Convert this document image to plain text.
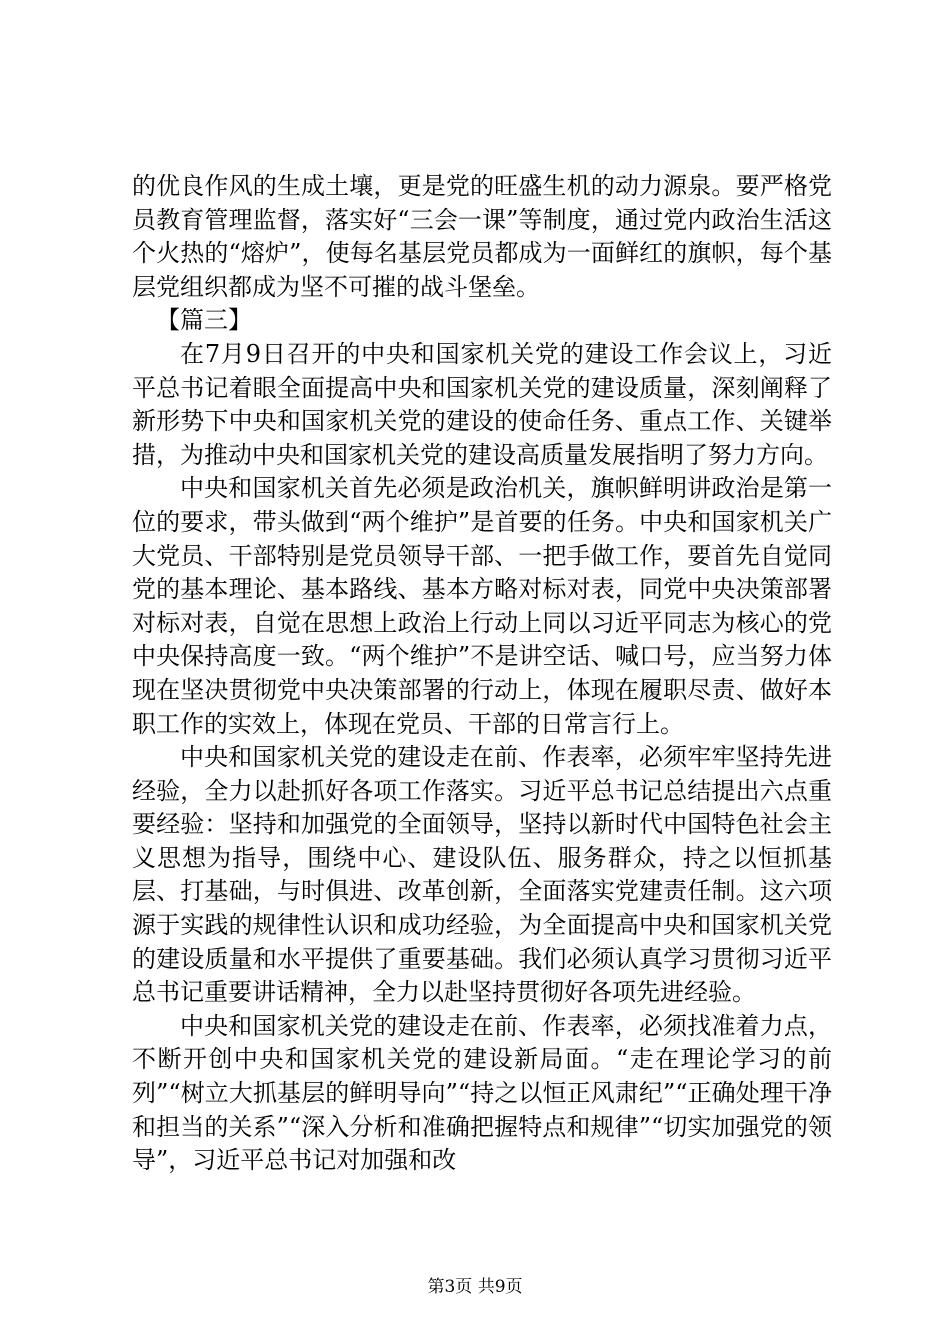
的优良作风的生成土壤，更是党的旺盛生机的动力源泉。要严格党员教育管理监督，落实好“三会一课”等制度，通过党内政治生活这个火热的“熔炉”，使每名基层党员都成为一面鲜红的旗帜，每个基层党组织都成为坚不可摧的战斗堡垒。

【篇三】

在7月9日召开的中央和国家机关党的建设工作会议上，习近平总书记着眼全面提高中央和国家机关党的建设质量，深刻阐释了新形势下中央和国家机关党的建设的使命任务、重点工作、关键举措，为推动中央和国家机关党的建设高质量发展指明了努力方向。

中央和国家机关首先必须是政治机关，旗帜鲜明讲政治是第一位的要求，带头做到“两个维护”是首要的任务。中央和国家机关广大党员、干部特别是党员领导干部、一把手做工作，要首先自觉同党的基本理论、基本路线、基本方略对标对表，同党中央决策部署对标对表，自觉在思想上政治上行动上同以习近平同志为核心的党中央保持高度一致。“两个维护”不是讲空话、喊口号，应当努力体现在坚决贯彻党中央决策部署的行动上，体现在履职尽责、做好本职工作的实效上，体现在党员、干部的日常言行上。

中央和国家机关党的建设走在前、作表率，必须牢牢坚持先进经验，全力以赴抓好各项工作落实。习近平总书记总结提出六点重要经验：坚持和加强党的全面领导，坚持以新时代中国特色社会主义思想为指导，围绕中心、建设队伍、服务群众，持之以恒抓基层、打基础，与时俱进、改革创新，全面落实党建责任制。这六项源于实践的规律性认识和成功经验，为全面提高中央和国家机关党的建设质量和水平提供了重要基础。我们必须认真学习贯彻习近平总书记重要讲话精神，全力以赴坚持贯彻好各项先进经验。

中央和国家机关党的建设走在前、作表率，必须找准着力点，不断开创中央和国家机关党的建设新局面。“走在理论学习的前列”“树立大抓基层的鲜明导向”“持之以恒正风肃纪”“正确处理干净和担当的关系”“深入分析和准确把握特点和规律”“切实加强党的领导”，习近平总书记对加强和改

第3页 共9页
